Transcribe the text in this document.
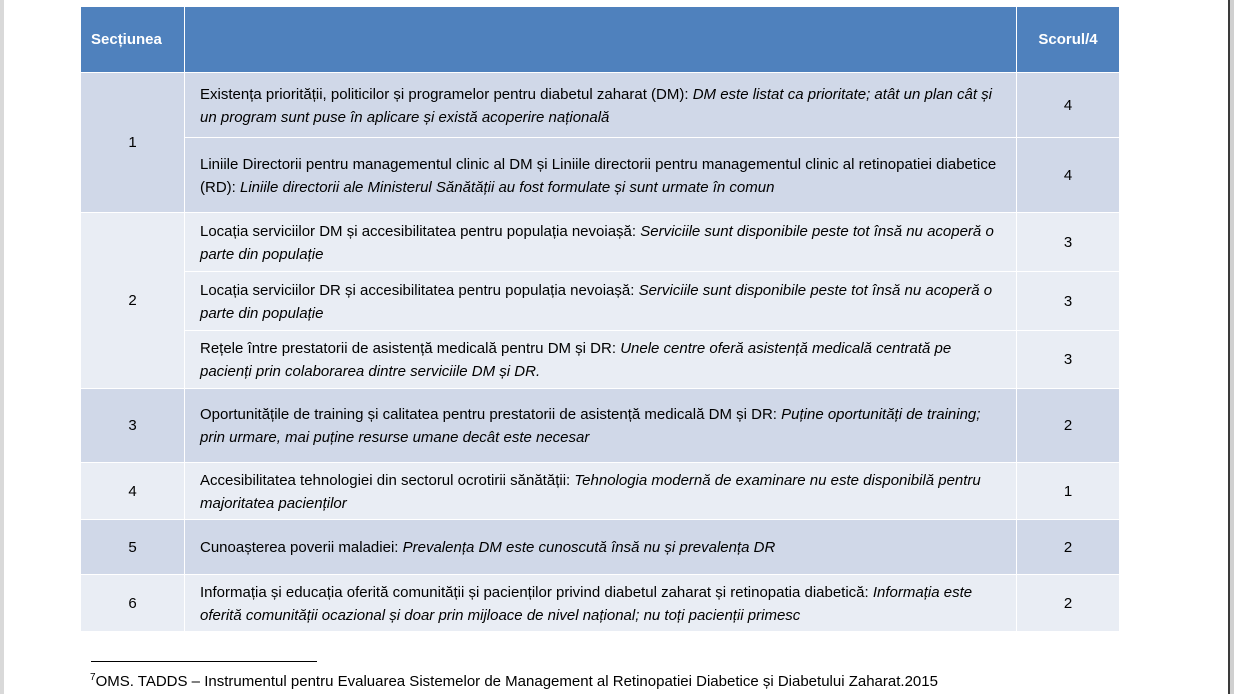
Secțiunea		Scorul/4
1	Existența priorității, politicilor și programelor pentru diabetul zaharat (DM): DM este listat ca prioritate; atât un plan cât și un program sunt puse în aplicare și există acoperire națională	4
	Liniile Directorii pentru managementul clinic al DM și Liniile directorii pentru managementul clinic al retinopatiei diabetice (RD): Liniile directorii ale Ministerul Sănătății au fost formulate și sunt urmate în comun	4
2	Locația serviciilor DM și accesibilitatea pentru populația nevoiașă: Serviciile sunt disponibile peste tot însă nu acoperă o parte din populație	3
	Locația serviciilor DR și accesibilitatea pentru populația nevoiașă: Serviciile sunt disponibile peste tot însă nu acoperă o parte din populație	3
	Rețele între prestatorii de asistență medicală pentru DM și DR: Unele centre oferă asistență medicală centrată pe pacienți prin colaborarea dintre serviciile DM și DR.	3
3	Oportunitățile de training și calitatea pentru prestatorii de asistență medicală DM și DR: Puține oportunități de training; prin urmare, mai puține resurse umane decât este necesar	2
4	Accesibilitatea tehnologiei din sectorul ocrotirii sănătății: Tehnologia modernă de examinare nu este disponibilă pentru majoritatea pacienților	1
5	Cunoașterea poverii maladiei: Prevalența DM este cunoscută însă nu și prevalența DR	2
6	Informația și educația oferită comunității și pacienților privind diabetul zaharat și retinopatia diabetică: Informația este oferită comunității ocazional și doar prin mijloace de nivel național; nu toți pacienții primesc	2
$^7$OMS. TADDS – Instrumentul pentru Evaluarea Sistemelor de Management al Retinopatiei Diabetice și Diabetului Zaharat.2015
